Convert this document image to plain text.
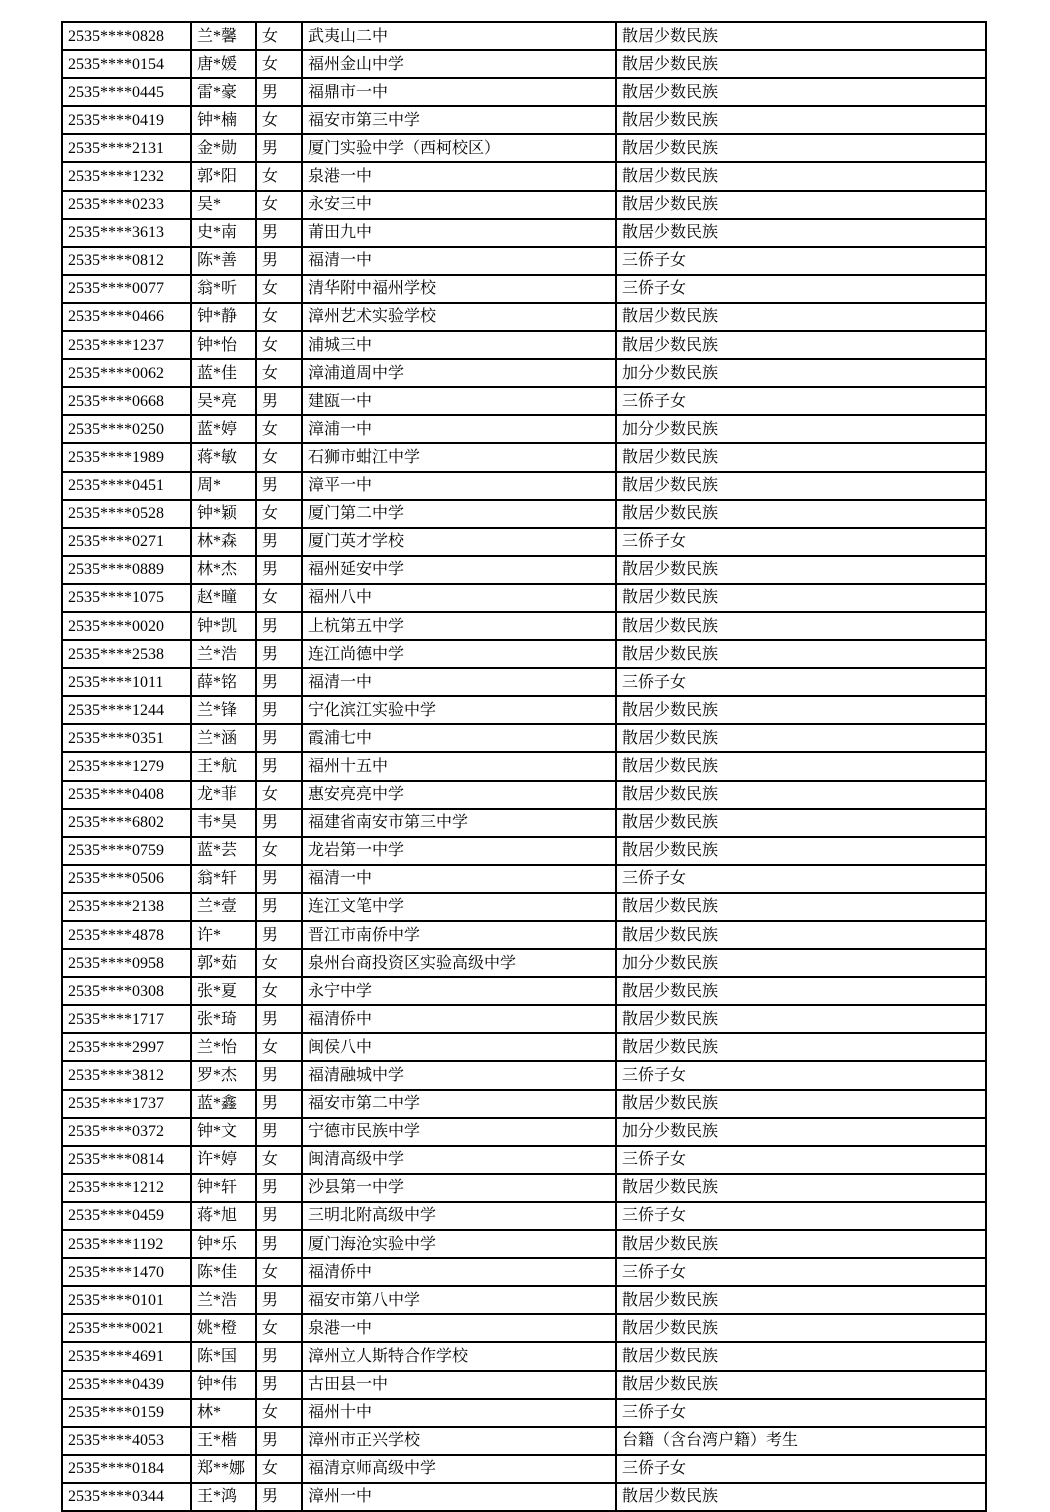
2535****0828	兰*馨	女	武夷山二中	散居少数民族
2535****0154	唐*媛	女	福州金山中学	散居少数民族
2535****0445	雷*豪	男	福鼎市一中	散居少数民族
2535****0419	钟*楠	女	福安市第三中学	散居少数民族
2535****2131	金*勋	男	厦门实验中学（西柯校区）	散居少数民族
2535****1232	郭*阳	女	泉港一中	散居少数民族
2535****0233	吴*	女	永安三中	散居少数民族
2535****3613	史*南	男	莆田九中	散居少数民族
2535****0812	陈*善	男	福清一中	三侨子女
2535****0077	翁*听	女	清华附中福州学校	三侨子女
2535****0466	钟*静	女	漳州艺术实验学校	散居少数民族
2535****1237	钟*怡	女	浦城三中	散居少数民族
2535****0062	蓝*佳	女	漳浦道周中学	加分少数民族
2535****0668	吴*亮	男	建瓯一中	三侨子女
2535****0250	蓝*婷	女	漳浦一中	加分少数民族
2535****1989	蒋*敏	女	石狮市蚶江中学	散居少数民族
2535****0451	周*	男	漳平一中	散居少数民族
2535****0528	钟*颖	女	厦门第二中学	散居少数民族
2535****0271	林*森	男	厦门英才学校	三侨子女
2535****0889	林*杰	男	福州延安中学	散居少数民族
2535****1075	赵*曈	女	福州八中	散居少数民族
2535****0020	钟*凯	男	上杭第五中学	散居少数民族
2535****2538	兰*浩	男	连江尚德中学	散居少数民族
2535****1011	薛*铭	男	福清一中	三侨子女
2535****1244	兰*锋	男	宁化滨江实验中学	散居少数民族
2535****0351	兰*涵	男	霞浦七中	散居少数民族
2535****1279	王*航	男	福州十五中	散居少数民族
2535****0408	龙*菲	女	惠安亮亮中学	散居少数民族
2535****6802	韦*昊	男	福建省南安市第三中学	散居少数民族
2535****0759	蓝*芸	女	龙岩第一中学	散居少数民族
2535****0506	翁*轩	男	福清一中	三侨子女
2535****2138	兰*壹	男	连江文笔中学	散居少数民族
2535****4878	许*	男	晋江市南侨中学	散居少数民族
2535****0958	郭*茹	女	泉州台商投资区实验高级中学	加分少数民族
2535****0308	张*夏	女	永宁中学	散居少数民族
2535****1717	张*琦	男	福清侨中	散居少数民族
2535****2997	兰*怡	女	闽侯八中	散居少数民族
2535****3812	罗*杰	男	福清融城中学	三侨子女
2535****1737	蓝*鑫	男	福安市第二中学	散居少数民族
2535****0372	钟*文	男	宁德市民族中学	加分少数民族
2535****0814	许*婷	女	闽清高级中学	三侨子女
2535****1212	钟*轩	男	沙县第一中学	散居少数民族
2535****0459	蒋*旭	男	三明北附高级中学	三侨子女
2535****1192	钟*乐	男	厦门海沧实验中学	散居少数民族
2535****1470	陈*佳	女	福清侨中	三侨子女
2535****0101	兰*浩	男	福安市第八中学	散居少数民族
2535****0021	姚*橙	女	泉港一中	散居少数民族
2535****4691	陈*国	男	漳州立人斯特合作学校	散居少数民族
2535****0439	钟*伟	男	古田县一中	散居少数民族
2535****0159	林*	女	福州十中	三侨子女
2535****4053	王*楷	男	漳州市正兴学校	台籍（含台湾户籍）考生
2535****0184	郑**娜	女	福清京师高级中学	三侨子女
2535****0344	王*鸿	男	漳州一中	散居少数民族
